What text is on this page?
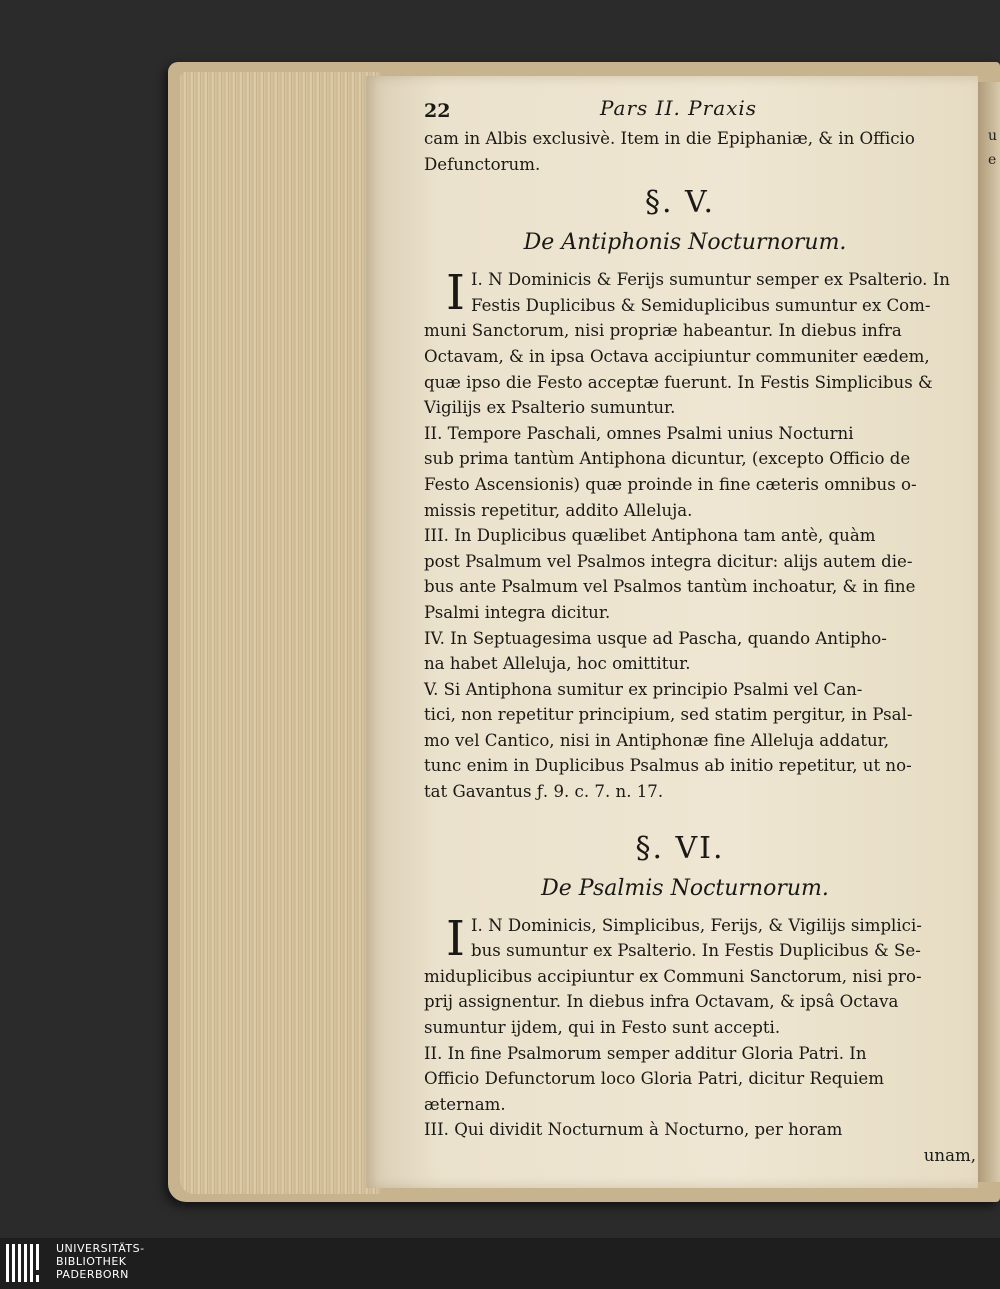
u
e
22	Pars II. Praxis
cam in Albis exclusivè. Item in die Epiphaniæ, & in Officio
Defunctorum.
§. V.
De Antiphonis Nocturnorum.
I I. N Dominicis & Ferijs sumuntur semper ex Psalterio. In
Festis Duplicibus & Semiduplicibus sumuntur ex Com-
muni Sanctorum, nisi propriæ habeantur. In diebus infra
Octavam, & in ipsa Octava accipiuntur communiter eædem,
quæ ipso die Festo acceptæ fuerunt. In Festis Simplicibus &
Vigilijs ex Psalterio sumuntur.
II. Tempore Paschali, omnes Psalmi unius Nocturni
sub prima tantùm Antiphona dicuntur, (excepto Officio de
Festo Ascensionis) quæ proinde in fine cæteris omnibus o-
missis repetitur, addito Alleluja.
III. In Duplicibus quælibet Antiphona tam antè, quàm
post Psalmum vel Psalmos integra dicitur: alijs autem die-
bus ante Psalmum vel Psalmos tantùm inchoatur, & in fine
Psalmi integra dicitur.
IV. In Septuagesima usque ad Pascha, quando Antipho-
na habet Alleluja, hoc omittitur.
V. Si Antiphona sumitur ex principio Psalmi vel Can-
tici, non repetitur principium, sed statim pergitur, in Psal-
mo vel Cantico, nisi in Antiphonæ fine Alleluja addatur,
tunc enim in Duplicibus Psalmus ab initio repetitur, ut no-
tat Gavantus ƒ. 9. c. 7. n. 17.
§. VI.
De Psalmis Nocturnorum.
I I. N Dominicis, Simplicibus, Ferijs, & Vigilijs simplici-
bus sumuntur ex Psalterio. In Festis Duplicibus & Se-
miduplicibus accipiuntur ex Communi Sanctorum, nisi pro-
prij assignentur. In diebus infra Octavam, & ipsâ Octava
sumuntur ijdem, qui in Festo sunt accepti.
II. In fine Psalmorum semper additur Gloria Patri. In
Officio Defunctorum loco Gloria Patri, dicitur Requiem
æternam.
III. Qui dividit Nocturnum à Nocturno, per horam
unam,
UNIVERSITÄTS-
BIBLIOTHEK
PADERBORN
